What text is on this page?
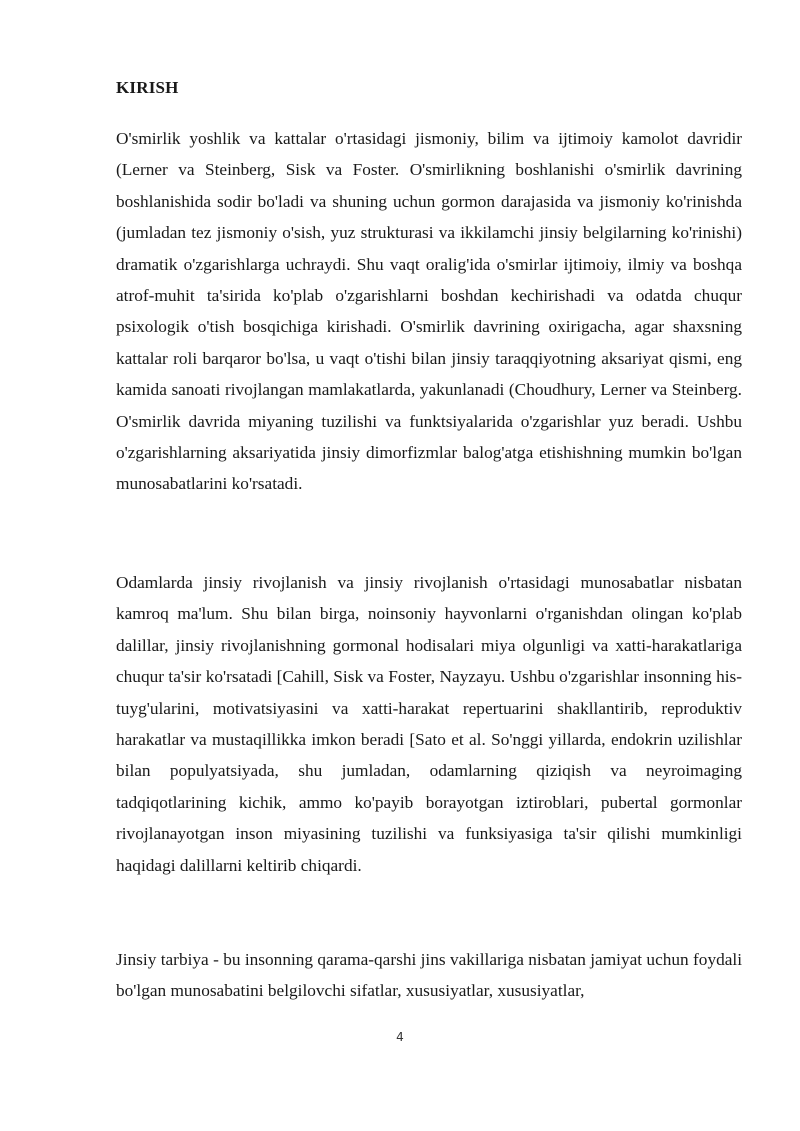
KIRISH

O'smirlik yoshlik va kattalar o'rtasidagi jismoniy, bilim va ijtimoiy kamolot davridir (Lerner va Steinberg, Sisk va Foster. O'smirlikning boshlanishi o'smirlik davrining boshlanishida sodir bo'ladi va shuning uchun gormon darajasida va jismoniy ko'rinishda (jumladan tez jismoniy o'sish, yuz strukturasi va ikkilamchi jinsiy belgilarning ko'rinishi) dramatik o'zgarishlarga uchraydi. Shu vaqt oralig'ida o'smirlar ijtimoiy, ilmiy va boshqa atrof-muhit ta'sirida ko'plab o'zgarishlarni boshdan kechirishadi va odatda chuqur psixologik o'tish bosqichiga kirishadi. O'smirlik davrining oxirigacha, agar shaxsning kattalar roli barqaror bo'lsa, u vaqt o'tishi bilan jinsiy taraqqiyotning aksariyat qismi, eng kamida sanoati rivojlangan mamlakatlarda, yakunlanadi (Choudhury, Lerner va Steinberg. O'smirlik davrida miyaning tuzilishi va funktsiyalarida o'zgarishlar yuz beradi. Ushbu o'zgarishlarning aksariyatida jinsiy dimorfizmlar balog'atga etishishning mumkin bo'lgan munosabatlarini ko'rsatadi.

Odamlarda jinsiy rivojlanish va jinsiy rivojlanish o'rtasidagi munosabatlar nisbatan kamroq ma'lum. Shu bilan birga, noinsoniy hayvonlarni o'rganishdan olingan ko'plab dalillar, jinsiy rivojlanishning gormonal hodisalari miya olgunligi va xatti-harakatlariga chuqur ta'sir ko'rsatadi [Cahill, Sisk va Foster, Nayzayu. Ushbu o'zgarishlar insonning his-tuyg'ularini, motivatsiyasini va xatti-harakat repertuarini shakllantirib, reproduktiv harakatlar va mustaqillikka imkon beradi [Sato et al. So'nggi yillarda, endokrin uzilishlar bilan populyatsiyada, shu jumladan, odamlarning qiziqish va neyroimaging tadqiqotlarining kichik, ammo ko'payib borayotgan iztiroblari, pubertal gormonlar rivojlanayotgan inson miyasining tuzilishi va funksiyasiga ta'sir qilishi mumkinligi haqidagi dalillarni keltirib chiqardi.

Jinsiy tarbiya - bu insonning qarama-qarshi jins vakillariga nisbatan jamiyat uchun foydali bo'lgan munosabatini belgilovchi sifatlar, xususiyatlar, xususiyatlar,

4
